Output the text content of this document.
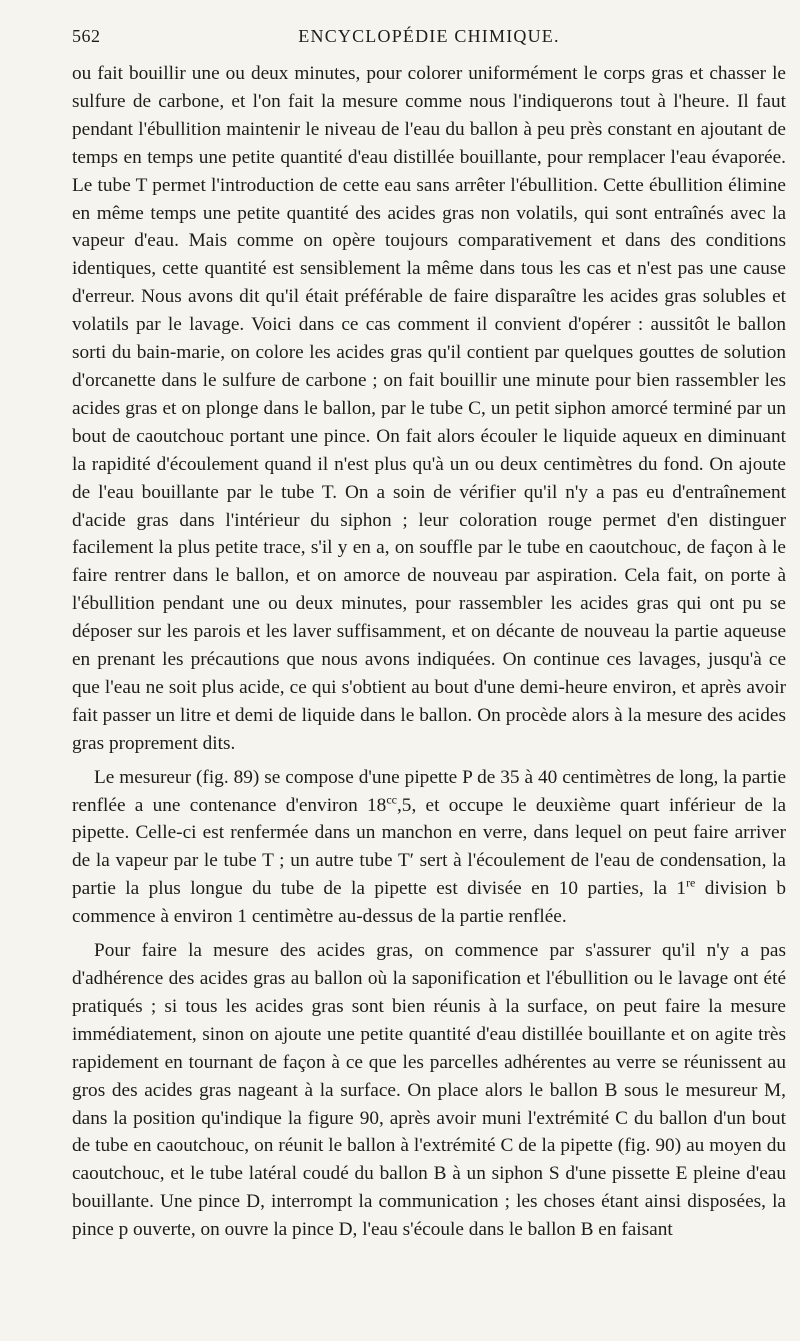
562	ENCYCLOPÉDIE CHIMIQUE.

ou fait bouillir une ou deux minutes, pour colorer uniformément le corps gras et chasser le sulfure de carbone, et l'on fait la mesure comme nous l'indiquerons tout à l'heure. Il faut pendant l'ébullition maintenir le niveau de l'eau du ballon à peu près constant en ajoutant de temps en temps une petite quantité d'eau distillée bouillante, pour remplacer l'eau évaporée. Le tube T permet l'introduction de cette eau sans arrêter l'ébullition. Cette ébullition élimine en même temps une petite quantité des acides gras non volatils, qui sont entraînés avec la vapeur d'eau. Mais comme on opère toujours comparativement et dans des conditions identiques, cette quantité est sensiblement la même dans tous les cas et n'est pas une cause d'erreur. Nous avons dit qu'il était préférable de faire disparaître les acides gras solubles et volatils par le lavage. Voici dans ce cas comment il convient d'opérer : aussitôt le ballon sorti du bain-marie, on colore les acides gras qu'il contient par quelques gouttes de solution d'orcanette dans le sulfure de carbone ; on fait bouillir une minute pour bien rassembler les acides gras et on plonge dans le ballon, par le tube C, un petit siphon amorcé terminé par un bout de caoutchouc portant une pince. On fait alors écouler le liquide aqueux en diminuant la rapidité d'écoulement quand il n'est plus qu'à un ou deux centimètres du fond. On ajoute de l'eau bouillante par le tube T. On a soin de vérifier qu'il n'y a pas eu d'entraînement d'acide gras dans l'intérieur du siphon ; leur coloration rouge permet d'en distinguer facilement la plus petite trace, s'il y en a, on souffle par le tube en caoutchouc, de façon à le faire rentrer dans le ballon, et on amorce de nouveau par aspiration. Cela fait, on porte à l'ébullition pendant une ou deux minutes, pour rassembler les acides gras qui ont pu se déposer sur les parois et les laver suffisamment, et on décante de nouveau la partie aqueuse en prenant les précautions que nous avons indiquées. On continue ces lavages, jusqu'à ce que l'eau ne soit plus acide, ce qui s'obtient au bout d'une demi-heure environ, et après avoir fait passer un litre et demi de liquide dans le ballon. On procède alors à la mesure des acides gras proprement dits.

Le mesureur (fig. 89) se compose d'une pipette P de 35 à 40 centimètres de long, la partie renflée a une contenance d'environ $18^{cc},5$, et occupe le deuxième quart inférieur de la pipette. Celle-ci est renfermée dans un manchon en verre, dans lequel on peut faire arriver de la vapeur par le tube T ; un autre tube T′ sert à l'écoulement de l'eau de condensation, la partie la plus longue du tube de la pipette est divisée en 10 parties, la 1re division b commence à environ 1 centimètre au-dessus de la partie renflée.

Pour faire la mesure des acides gras, on commence par s'assurer qu'il n'y a pas d'adhérence des acides gras au ballon où la saponification et l'ébullition ou le lavage ont été pratiqués ; si tous les acides gras sont bien réunis à la surface, on peut faire la mesure immédiatement, sinon on ajoute une petite quantité d'eau distillée bouillante et on agite très rapidement en tournant de façon à ce que les parcelles adhérentes au verre se réunissent au gros des acides gras nageant à la surface. On place alors le ballon B sous le mesureur M, dans la position qu'indique la figure 90, après avoir muni l'extrémité C du ballon d'un bout de tube en caoutchouc, on réunit le ballon à l'extrémité C de la pipette (fig. 90) au moyen du caoutchouc, et le tube latéral coudé du ballon B à un siphon S d'une pissette E pleine d'eau bouillante. Une pince D, interrompt la communication ; les choses étant ainsi disposées, la pince p ouverte, on ouvre la pince D, l'eau s'écoule dans le ballon B en faisant
